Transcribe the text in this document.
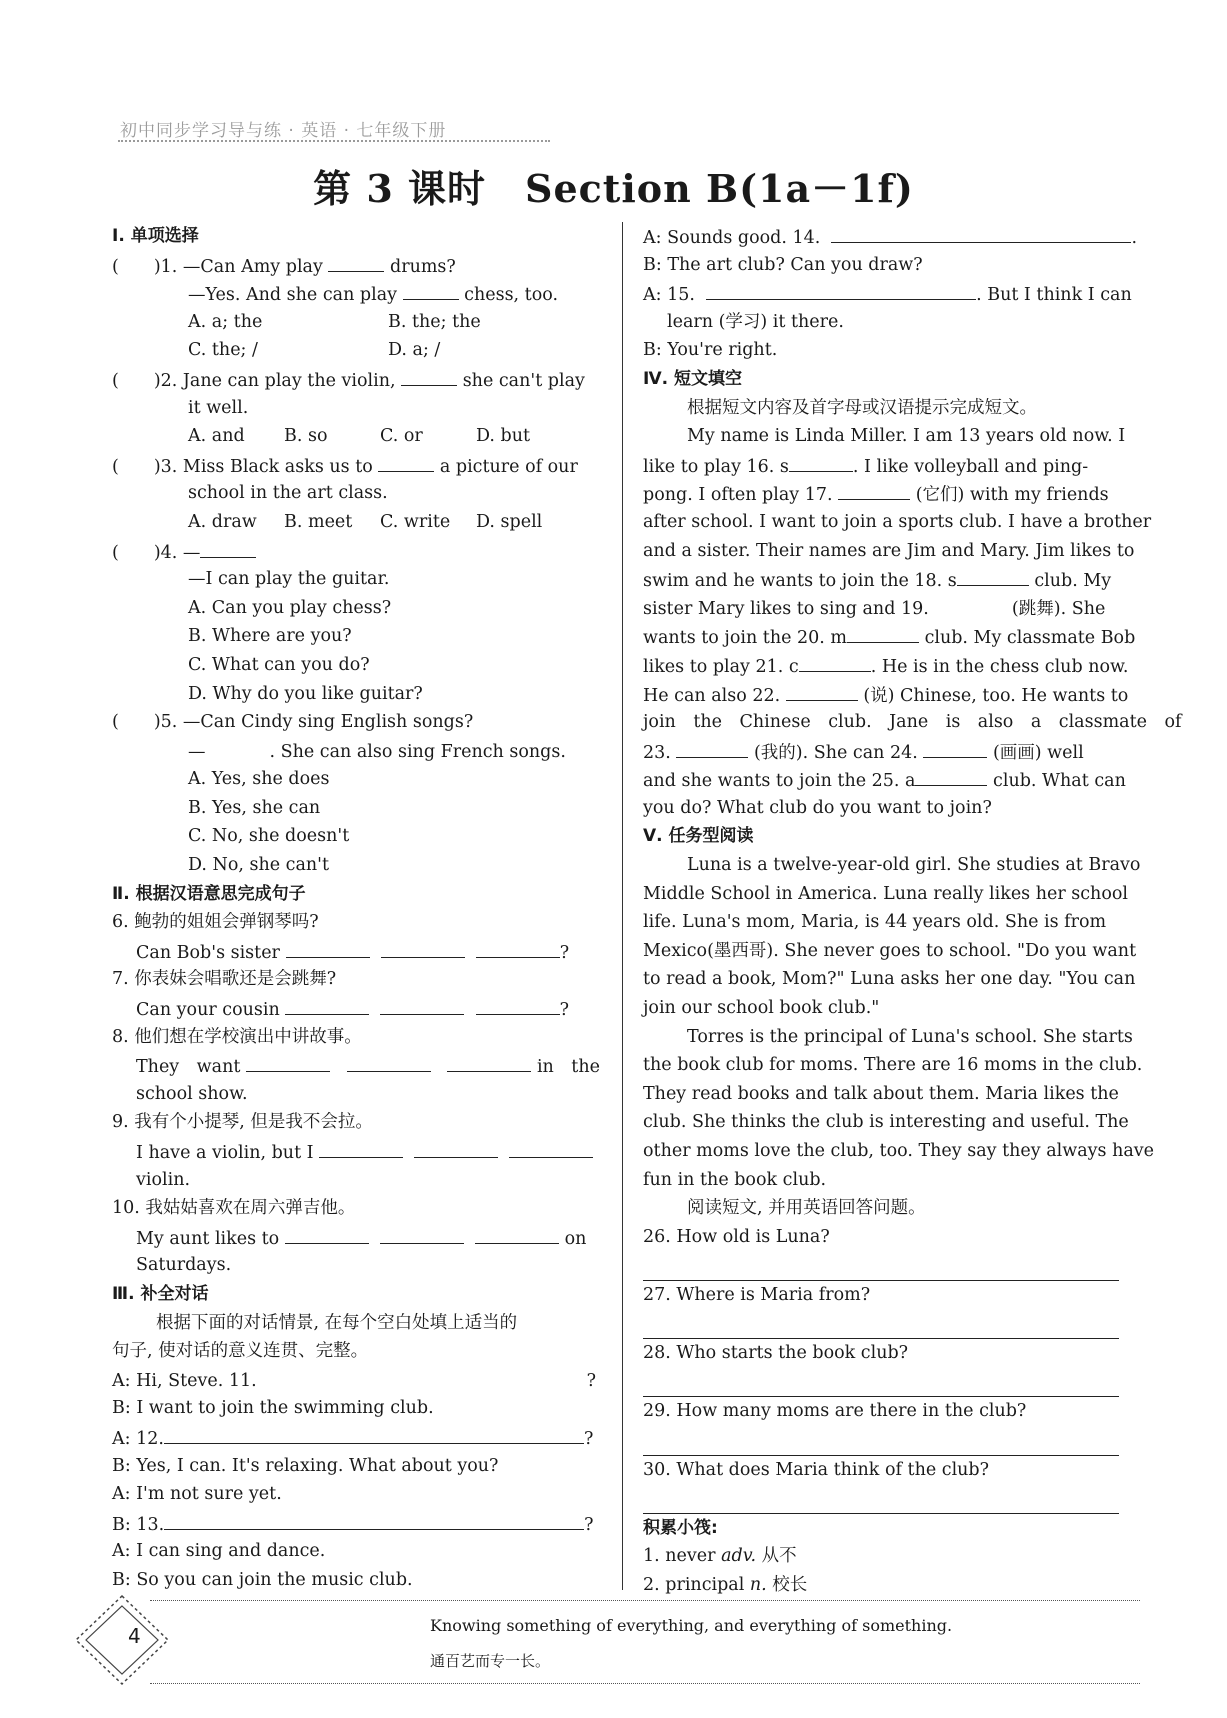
初中同步学习导与练 · 英语 · 七年级下册
第 3 课时　Section B(1a－1f)
Ⅰ. 单项选择
(　　)1. —Can Amy play	drums?
—Yes. And she can play	chess, too.
A. a; the	B. the; the
C. the; /	D. a; /
(　　)2. Jane can play the violin,	she can't play
it well.
A. and B. so	C. or	D. but
(　　)3. Miss Black asks us to	a picture of our
school in the art class.
A. draw B. meet C. write D. spell
(　　)4. —
—I can play the guitar.
A. Can you play chess?
B. Where are you?
C. What can you do?
D. Why do you like guitar?
(　　)5. —Can Cindy sing English songs?
—	. She can also sing French songs.
A. Yes, she does
B. Yes, she can
C. No, she doesn't
D. No, she can't
Ⅱ. 根据汉语意思完成句子
6. 鲍勃的姐姐会弹钢琴吗?
Can Bob's sister	?
7. 你表妹会唱歌还是会跳舞?
Can your cousin	?
8. 他们想在学校演出中讲故事。
They　want	in　the
school show.
9. 我有个小提琴, 但是我不会拉。
I have a violin, but I
violin.
10. 我姑姑喜欢在周六弹吉他。
My aunt likes to	on
Saturdays.
Ⅲ. 补全对话
根据下面的对话情景, 在每个空白处填上适当的
句子, 使对话的意义连贯、完整。
A: Hi, Steve. 11.	?
B: I want to join the swimming club.
A: 12.	?
B: Yes, I can. It's relaxing. What about you?
A: I'm not sure yet.
B: 13.	?
A: I can sing and dance.
B: So you can join the music club.
A: Sounds good. 14.	.
B: The art club? Can you draw?
A: 15.	. But I think I can
learn (学习) it there.
B: You're right.
Ⅳ. 短文填空
根据短文内容及首字母或汉语提示完成短文。
My name is Linda Miller. I am 13 years old now. I
like to play 16. s	. I like volleyball and ping-
pong. I often play 17.	(它们) with my friends
after school. I want to join a sports club. I have a brother
and a sister. Their names are Jim and Mary. Jim likes to
swim and he wants to join the 18. s	club. My
sister Mary likes to sing and 19.	(跳舞). She
wants to join the 20. m	club. My classmate Bob
likes to play 21. c	. He is in the chess club now.
He can also 22.	(说) Chinese, too. He wants to
join　the　Chinese　club.　Jane　is　also　a　classmate　of
23.	(我的). She can 24.	(画画) well
and she wants to join the 25. a	club. What can
you do? What club do you want to join?
Ⅴ. 任务型阅读
Luna is a twelve-year-old girl. She studies at Bravo
Middle School in America. Luna really likes her school
life. Luna's mom, Maria, is 44 years old. She is from
Mexico(墨西哥). She never goes to school. "Do you want
to read a book, Mom?" Luna asks her one day. "You can
join our school book club."
Torres is the principal of Luna's school. She starts
the book club for moms. There are 16 moms in the club.
They read books and talk about them. Maria likes the
club. She thinks the club is interesting and useful. The
other moms love the club, too. They say they always have
fun in the book club.
阅读短文, 并用英语回答问题。
26. How old is Luna?
27. Where is Maria from?
28. Who starts the book club?
29. How many moms are there in the club?
30. What does Maria think of the club?
积累小筏:
1. never adv. 从不
2. principal n. 校长
4	Knowing something of everything, and everything of something.
通百艺而专一长。
